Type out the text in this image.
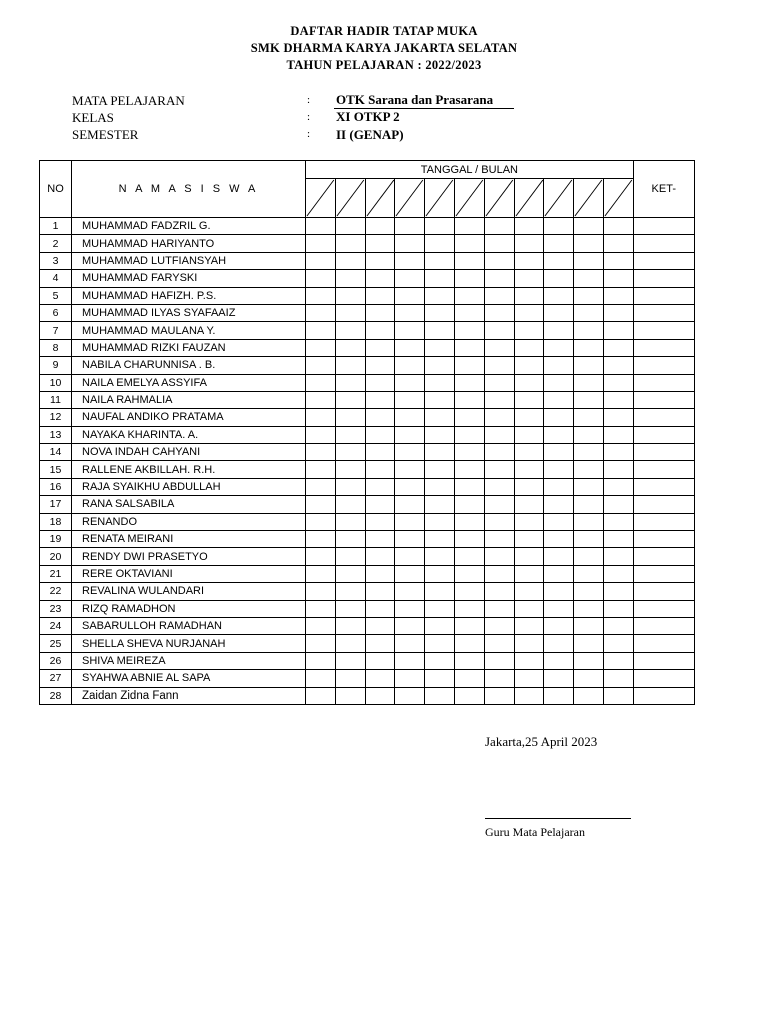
DAFTAR HADIR TATAP MUKA
SMK DHARMA KARYA JAKARTA SELATAN
TAHUN PELAJARAN : 2022/2023
MATA PELAJARAN	: OTK Sarana dan Prasarana
KELAS	: XI OTKP 2
SEMESTER	: II (GENAP)
NO	N A M A S I S W A	TANGGAL / BULAN											KET-

1	MUHAMMAD FADZRIL G.												
2	MUHAMMAD HARIYANTO												
3	MUHAMMAD LUTFIANSYAH												
4	MUHAMMAD FARYSKI												
5	MUHAMMAD HAFIZH. P.S.												
6	MUHAMMAD ILYAS SYAFAAIZ												
7	MUHAMMAD MAULANA Y.												
8	MUHAMMAD RIZKI FAUZAN												
9	NABILA CHARUNNISA . B.												
10	NAILA EMELYA ASSYIFA												
11	NAILA RAHMALIA												
12	NAUFAL ANDIKO PRATAMA												
13	NAYAKA KHARINTA. A.												
14	NOVA INDAH CAHYANI												
15	RALLENE AKBILLAH. R.H.												
16	RAJA SYAIKHU ABDULLAH												
17	RANA SALSABILA												
18	RENANDO												
19	RENATA MEIRANI												
20	RENDY DWI PRASETYO												
21	RERE OKTAVIANI												
22	REVALINA WULANDARI												
23	RIZQ RAMADHON												
24	SABARULLOH RAMADHAN												
25	SHELLA SHEVA NURJANAH												
26	SHIVA MEIREZA												
27	SYAHWA ABNIE AL SAPA												
28	Zaidan Zidna Fann												
Jakarta,25 April 2023
Guru Mata Pelajaran
